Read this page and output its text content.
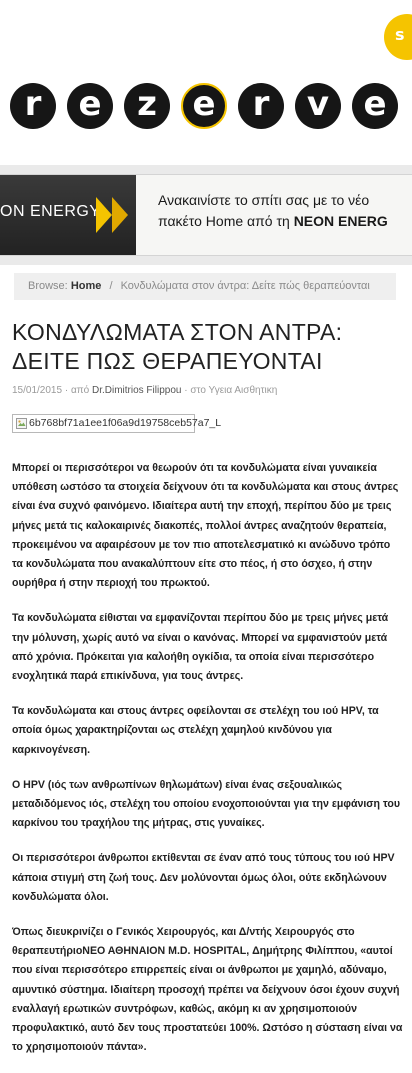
s
r	e	z	e	r	v	e
ON ENERGY
Ανακαινίστε το σπίτι σας με το νέο
πακέτο Home από τη NEON ENERG
Browse: Home / Κονδυλώματα στον άντρα: Δείτε πώς θεραπεύονται
ΚΟΝΔΥΛΩΜΑΤΑ ΣΤΟΝ ΑΝΤΡΑ: ΔΕΙΤΕ ΠΩΣ ΘΕΡΑΠΕΥΟΝΤΑΙ
15/01/2015 · από Dr.Dimitrios Filippou · στο Υγεια Αισθητικη
6b768bf71a1ee1f06a9d19758ceb57a7_L

Μπορεί οι περισσότεροι να θεωρούν ότι τα κονδυλώματα είναι γυναικεία υπόθεση ωστόσο τα στοιχεία δείχνουν ότι τα κονδυλώματα και στους άντρες είναι ένα συχνό φαινόμενο. Ιδιαίτερα αυτή την εποχή, περίπου δύο με τρεις μήνες μετά τις καλοκαιρινές διακοπές, πολλοί άντρες αναζητούν θεραπεία, προκειμένου να αφαιρέσουν με τον πιο αποτελεσματικό κι ανώδυνο τρόπο τα κονδυλώματα που ανακαλύπτουν είτε στο πέος, ή στο όσχεο, ή στην ουρήθρα ή στην περιοχή του πρωκτού.

Τα κονδυλώματα είθισται να εμφανίζονται περίπου δύο με τρεις μήνες μετά την μόλυνση, χωρίς αυτό να είναι ο κανόνας. Μπορεί να εμφανιστούν μετά από χρόνια. Πρόκειται για καλοήθη ογκίδια, τα οποία είναι περισσότερο ενοχλητικά παρά επικίνδυνα, για τους άντρες.

Τα κονδυλώματα και στους άντρες οφείλονται σε στελέχη του ιού HPV, τα οποία όμως χαρακτηρίζονται ως στελέχη χαμηλού κινδύνου για καρκινογένεση.

Ο HPV (ιός των ανθρωπίνων θηλωμάτων) είναι ένας σεξουαλικώς μεταδιδόμενος ιός, στελέχη του οποίου ενοχοποιούνται για την εμφάνιση του καρκίνου του τραχήλου της μήτρας, στις γυναίκες.

Οι περισσότεροι άνθρωποι εκτίθενται σε έναν από τους τύπους του ιού HPV κάποια στιγμή στη ζωή τους. Δεν μολύνονται όμως όλοι, ούτε εκδηλώνουν κονδυλώματα όλοι.

Όπως διευκρινίζει ο Γενικός Χειρουργός, και Δ/ντής Χειρουργός στο θεραπευτήριοΝΕΟ ΑΘΗΝΑΙΟΝ M.D. HOSPITAL, Δημήτρης Φιλίππου, «αυτοί που είναι περισσότερο επιρρεπείς είναι οι άνθρωποι με χαμηλό, αδύναμο, αμυντικό σύστημα. Ιδιαίτερη προσοχή πρέπει να δείχνουν όσοι έχουν συχνή εναλλαγή ερωτικών συντρόφων, καθώς, ακόμη κι αν χρησιμοποιούν προφυλακτικό, αυτό δεν τους προστατεύει 100%. Ωστόσο η σύσταση είναι να το χρησιμοποιούν πάντα».
